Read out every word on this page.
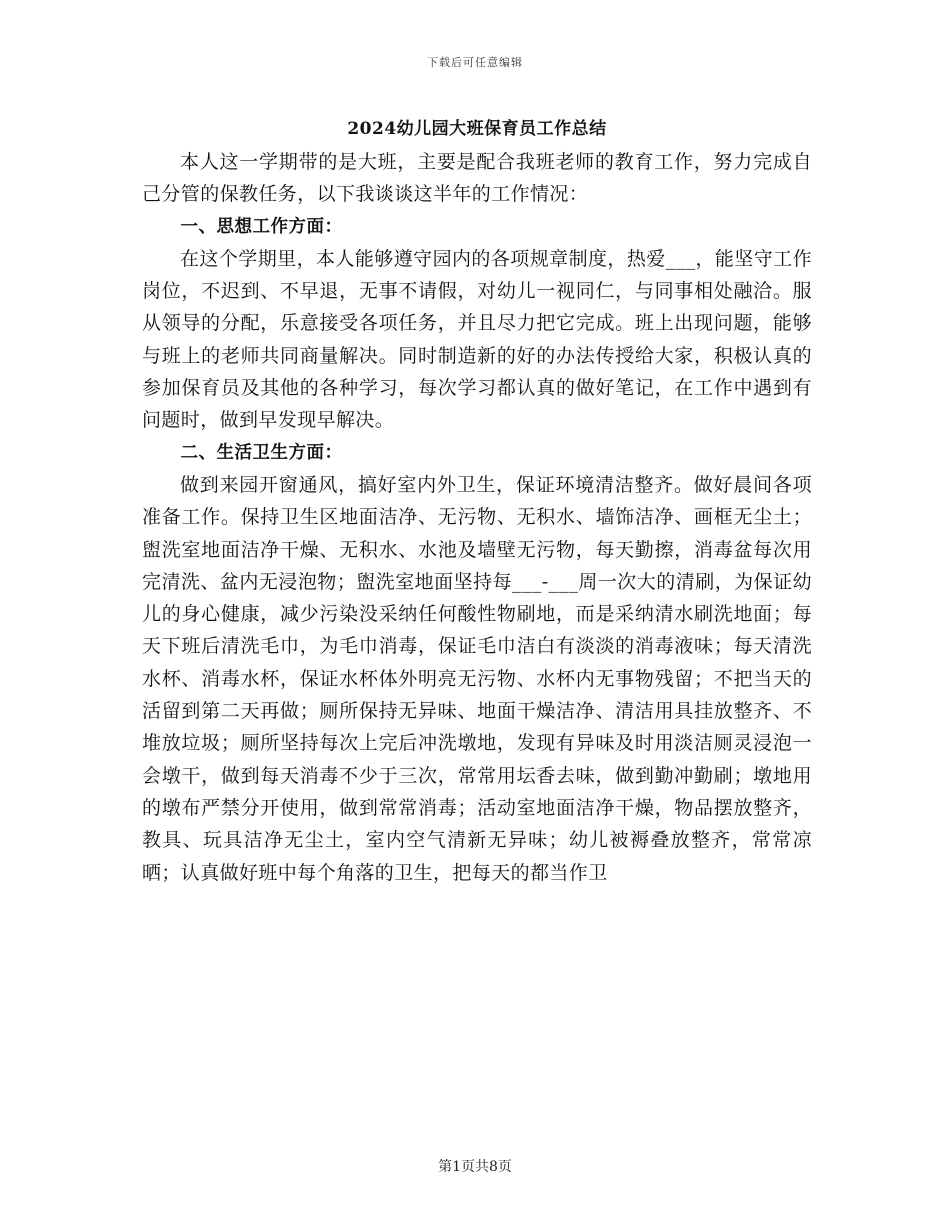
下载后可任意编辑
2024幼儿园大班保育员工作总结

本人这一学期带的是大班，主要是配合我班老师的教育工作，努力完成自己分管的保教任务，以下我谈谈这半年的工作情况：

一、思想工作方面：

在这个学期里，本人能够遵守园内的各项规章制度，热爱___，能坚守工作岗位，不迟到、不早退，无事不请假，对幼儿一视同仁，与同事相处融洽。服从领导的分配，乐意接受各项任务，并且尽力把它完成。班上出现问题，能够与班上的老师共同商量解决。同时制造新的好的办法传授给大家，积极认真的参加保育员及其他的各种学习，每次学习都认真的做好笔记，在工作中遇到有问题时，做到早发现早解决。

二、生活卫生方面：

做到来园开窗通风，搞好室内外卫生，保证环境清洁整齐。做好晨间各项准备工作。保持卫生区地面洁净、无污物、无积水、墙饰洁净、画框无尘土；盥洗室地面洁净干燥、无积水、水池及墙壁无污物，每天勤擦，消毒盆每次用完清洗、盆内无浸泡物；盥洗室地面坚持每___-___周一次大的清刷，为保证幼儿的身心健康，减少污染没采纳任何酸性物刷地，而是采纳清水刷洗地面；每天下班后清洗毛巾，为毛巾消毒，保证毛巾洁白有淡淡的消毒液味；每天清洗水杯、消毒水杯，保证水杯体外明亮无污物、水杯内无事物残留；不把当天的活留到第二天再做；厕所保持无异味、地面干燥洁净、清洁用具挂放整齐、不堆放垃圾；厕所坚持每次上完后冲洗墩地，发现有异味及时用淡洁厕灵浸泡一会墩干，做到每天消毒不少于三次，常常用坛香去味，做到勤冲勤刷；墩地用的墩布严禁分开使用，做到常常消毒；活动室地面洁净干燥，物品摆放整齐，教具、玩具洁净无尘土，室内空气清新无异味；幼儿被褥叠放整齐，常常凉晒；认真做好班中每个角落的卫生，把每天的都当作卫

第1页共8页
